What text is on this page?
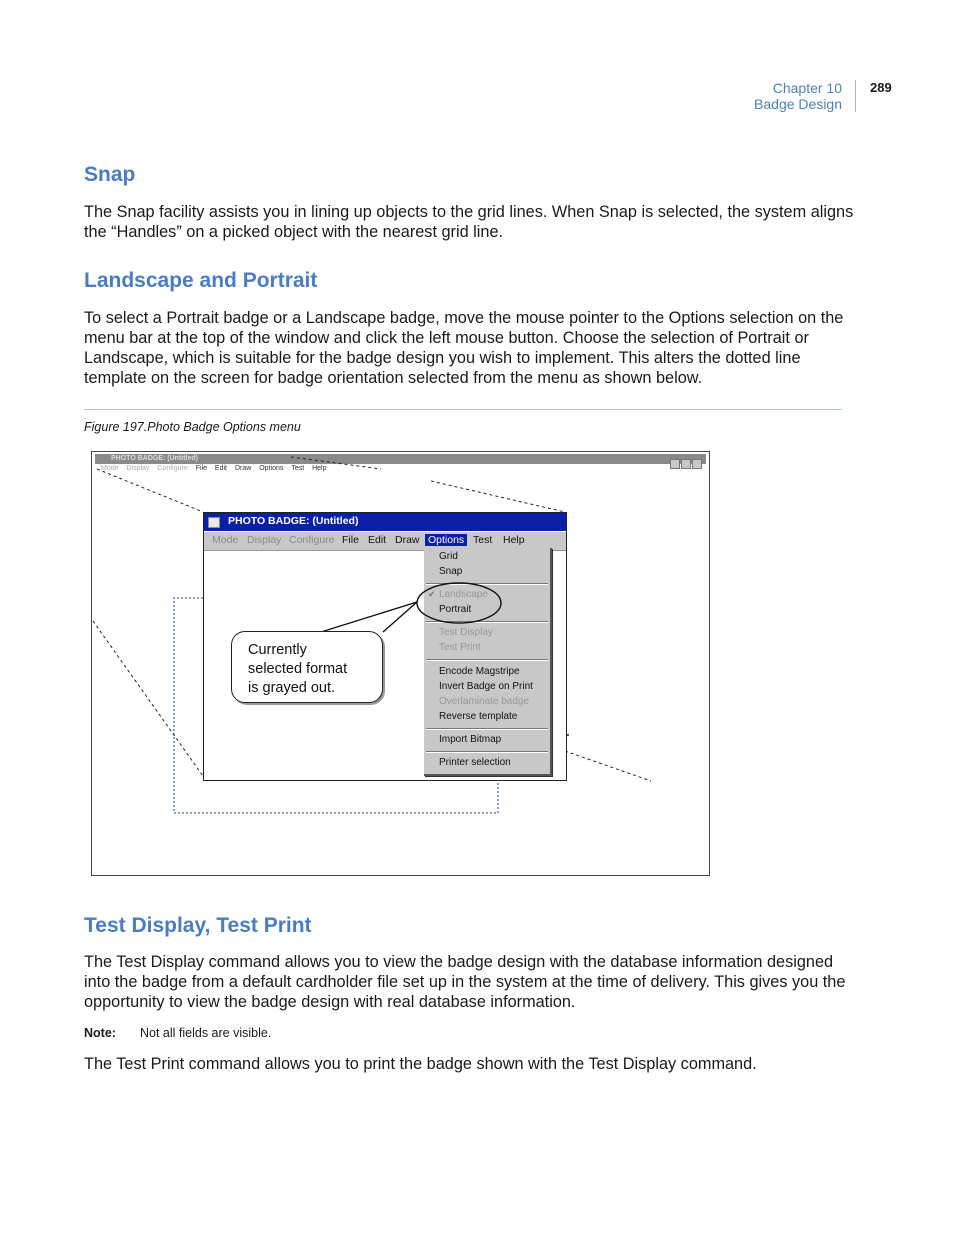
Chapter 10
Badge Design
289
Snap

The Snap facility assists you in lining up objects to the grid lines. When Snap is selected, the system aligns the “Handles” on a picked object with the nearest grid line.

Landscape and Portrait

To select a Portrait badge or a Landscape badge, move the mouse pointer to the Options selection on the menu bar at the top of the window and click the left mouse button. Choose the selection of Portrait or Landscape, which is suitable for the badge design you wish to implement. This alters the dotted line template on the screen for badge orientation selected from the menu as shown below.

Figure 197.Photo Badge Options menu
PHOTO BADGE: (Untitled)
Mode Display Configure File Edit Draw Options Test Help
PHOTO BADGE: (Untitled)
Mode Display Configure File Edit Draw Options Test Help
Grid
Snap
✔ Landscape
Portrait
Test Display
Test Print
Encode Magstripe
Invert Badge on Print
Overlaminate badge
Reverse template
Import Bitmap
Printer selection
Currently
selected format
is grayed out.
Test Display, Test Print

The Test Display command allows you to view the badge design with the database information designed into the badge from a default cardholder file set up in the system at the time of delivery. This gives you the opportunity to view the badge design with real database information.

Note: Not all fields are visible.

The Test Print command allows you to print the badge shown with the Test Display command.
